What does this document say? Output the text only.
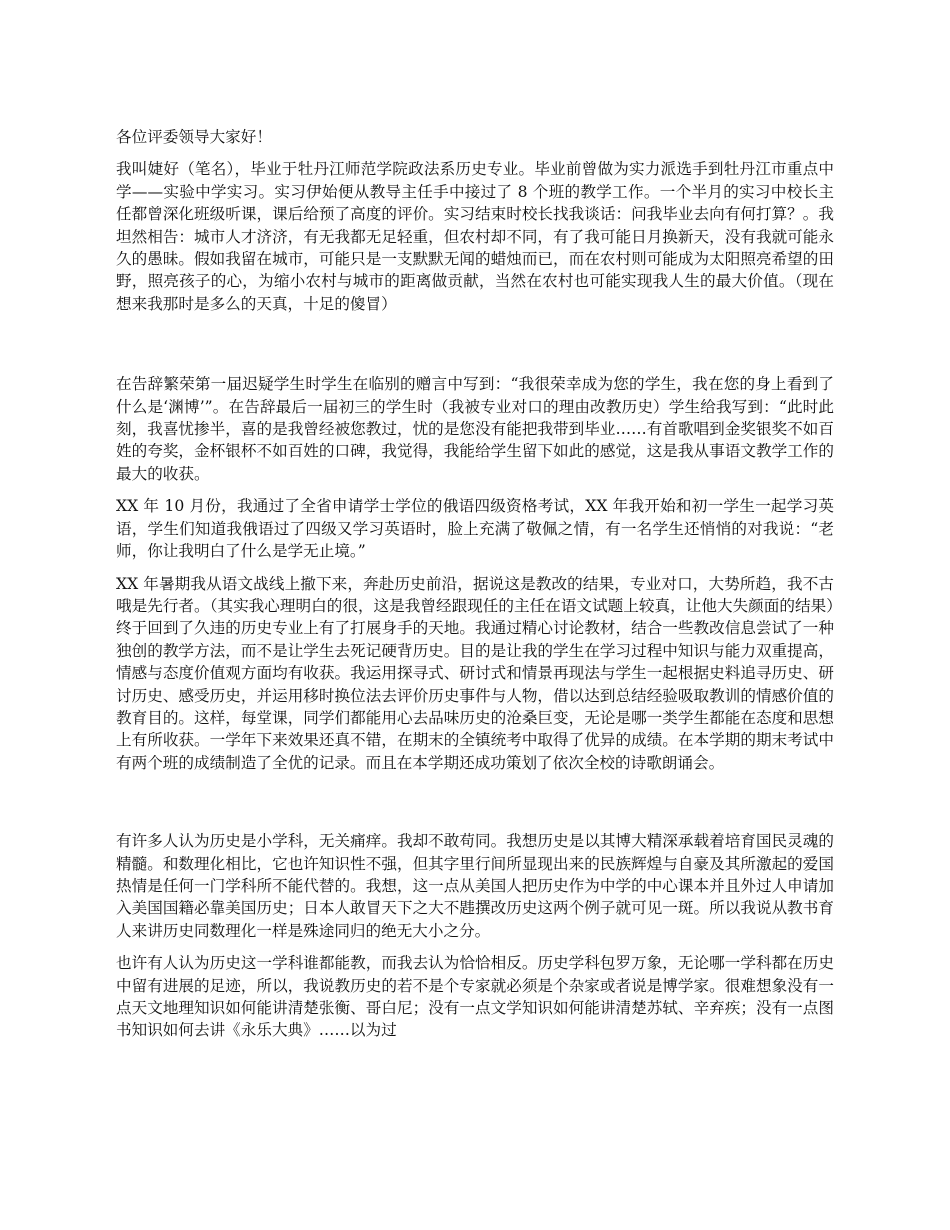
各位评委领导大家好！

我叫婕好（笔名），毕业于牡丹江师范学院政法系历史专业。毕业前曾做为实力派选手到牡丹江市重点中学——实验中学实习。实习伊始便从教导主任手中接过了 8 个班的教学工作。一个半月的实习中校长主任都曾深化班级听课，课后给预了高度的评价。实习结束时校长找我谈话：问我毕业去向有何打算？。我坦然相告：城市人才济济，有无我都无足轻重，但农村却不同，有了我可能日月换新天，没有我就可能永久的愚昧。假如我留在城市，可能只是一支默默无闻的蜡烛而已，而在农村则可能成为太阳照亮希望的田野，照亮孩子的心，为缩小农村与城市的距离做贡献，当然在农村也可能实现我人生的最大价值。（现在想来我那时是多么的天真，十足的傻冒）

在告辞繁荣第一届迟疑学生时学生在临别的赠言中写到：“我很荣幸成为您的学生，我在您的身上看到了什么是‘渊博’”。在告辞最后一届初三的学生时（我被专业对口的理由改教历史）学生给我写到：“此时此刻，我喜忧掺半，喜的是我曾经被您教过，忧的是您没有能把我带到毕业……有首歌唱到金奖银奖不如百姓的夸奖，金杯银杯不如百姓的口碑，我觉得，我能给学生留下如此的感觉，这是我从事语文教学工作的最大的收获。

XX 年 10 月份，我通过了全省申请学士学位的俄语四级资格考试，XX 年我开始和初一学生一起学习英语，学生们知道我俄语过了四级又学习英语时，脸上充满了敬佩之情，有一名学生还悄悄的对我说：“老师，你让我明白了什么是学无止境。”

XX 年暑期我从语文战线上撤下来，奔赴历史前沿，据说这是教改的结果，专业对口，大势所趋，我不古哦是先行者。（其实我心理明白的很，这是我曾经跟现任的主任在语文试题上较真，让他大失颜面的结果）终于回到了久违的历史专业上有了打展身手的天地。我通过精心讨论教材，结合一些教改信息尝试了一种独创的教学方法，而不是让学生去死记硬背历史。目的是让我的学生在学习过程中知识与能力双重提高，情感与态度价值观方面均有收获。我运用探寻式、研讨式和情景再现法与学生一起根据史料追寻历史、研讨历史、感受历史，并运用移时换位法去评价历史事件与人物，借以达到总结经验吸取教训的情感价值的教育目的。这样，每堂课，同学们都能用心去品味历史的沧桑巨变，无论是哪一类学生都能在态度和思想上有所收获。一学年下来效果还真不错，在期末的全镇统考中取得了优异的成绩。在本学期的期末考试中有两个班的成绩制造了全优的记录。而且在本学期还成功策划了依次全校的诗歌朗诵会。

有许多人认为历史是小学科，无关痛痒。我却不敢苟同。我想历史是以其博大精深承载着培育国民灵魂的精髓。和数理化相比，它也许知识性不强，但其字里行间所显现出来的民族辉煌与自豪及其所激起的爱国热情是任何一门学科所不能代替的。我想，这一点从美国人把历史作为中学的中心课本并且外过人申请加入美国国籍必靠美国历史；日本人敢冒天下之大不韪撰改历史这两个例子就可见一斑。所以我说从教书育人来讲历史同数理化一样是殊途同归的绝无大小之分。

也许有人认为历史这一学科谁都能教，而我去认为恰恰相反。历史学科包罗万象，无论哪一学科都在历史中留有进展的足迹，所以，我说教历史的若不是个专家就必须是个杂家或者说是博学家。很难想象没有一点天文地理知识如何能讲清楚张衡、哥白尼；没有一点文学知识如何能讲清楚苏轼、辛弃疾；没有一点图书知识如何去讲《永乐大典》……以为过
